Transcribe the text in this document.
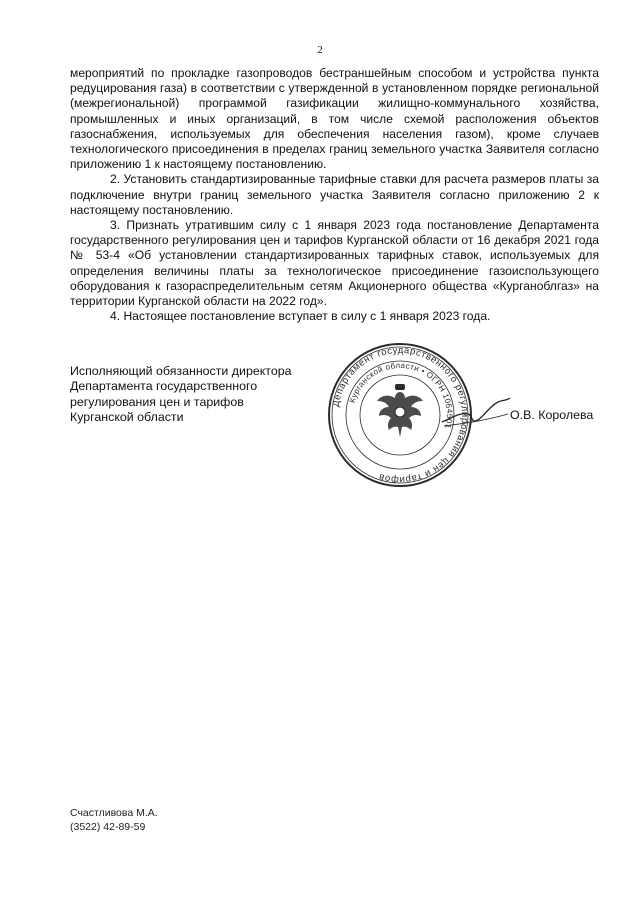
2

мероприятий по прокладке газопроводов бестраншейным способом и устройства пункта редуцирования газа) в соответствии с утвержденной в установленном порядке региональной (межрегиональной) программой газификации жилищно-коммунального хозяйства, промышленных и иных организаций, в том числе схемой расположения объектов газоснабжения, используемых для обеспечения населения газом), кроме случаев технологического присоединения в пределах границ земельного участка Заявителя согласно приложению 1 к настоящему постановлению.

2. Установить стандартизированные тарифные ставки для расчета размеров платы за подключение внутри границ земельного участка Заявителя согласно приложению 2 к настоящему постановлению.

3. Признать утратившим силу с 1 января 2023 года постановление Департамента государственного регулирования цен и тарифов Курганской области от 16 декабря 2021 года № 53-4 «Об установлении стандартизированных тарифных ставок, используемых для определения величины платы за технологическое присоединение газоиспользующего оборудования к газораспределительным сетям Акционерного общества «Курганоблгаз» на территории Курганской области на 2022 год».

4. Настоящее постановление вступает в силу с 1 января 2023 года.

Исполняющий обязанности директора
Департамента государственного
регулирования цен и тарифов
Курганской области
Департамент государственного регулирования цен и тарифов
Курганской области • ОГРН 1064501
О.В. Королева
Счастливова М.А.
(3522) 42-89-59
